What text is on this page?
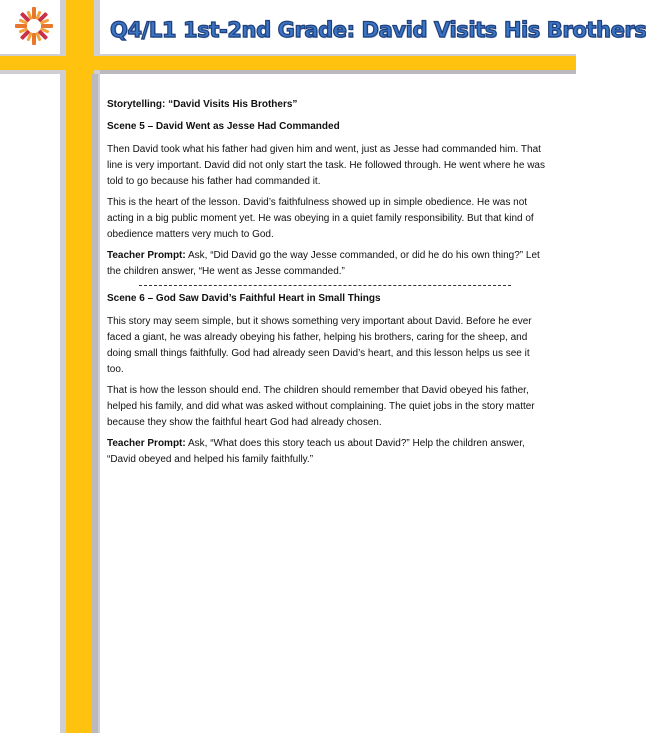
Q4/L1 1st-2nd Grade: David Visits His Brothers
Storytelling: “David Visits His Brothers”
Scene 5 – David Went as Jesse Had Commanded

Then David took what his father had given him and went, just as Jesse had commanded him. That line is very important. David did not only start the task. He followed through. He went where he was told to go because his father had commanded it.

This is the heart of the lesson. David’s faithfulness showed up in simple obedience. He was not acting in a big public moment yet. He was obeying in a quiet family responsibility. But that kind of obedience matters very much to God.

Teacher Prompt: Ask, “Did David go the way Jesse commanded, or did he do his own thing?” Let the children answer, “He went as Jesse commanded.”

Scene 6 – God Saw David’s Faithful Heart in Small Things

This story may seem simple, but it shows something very important about David. Before he ever faced a giant, he was already obeying his father, helping his brothers, caring for the sheep, and doing small things faithfully. God had already seen David’s heart, and this lesson helps us see it too.

That is how the lesson should end. The children should remember that David obeyed his father, helped his family, and did what was asked without complaining. The quiet jobs in the story matter because they show the faithful heart God had already chosen.

Teacher Prompt: Ask, “What does this story teach us about David?” Help the children answer, “David obeyed and helped his family faithfully.”
